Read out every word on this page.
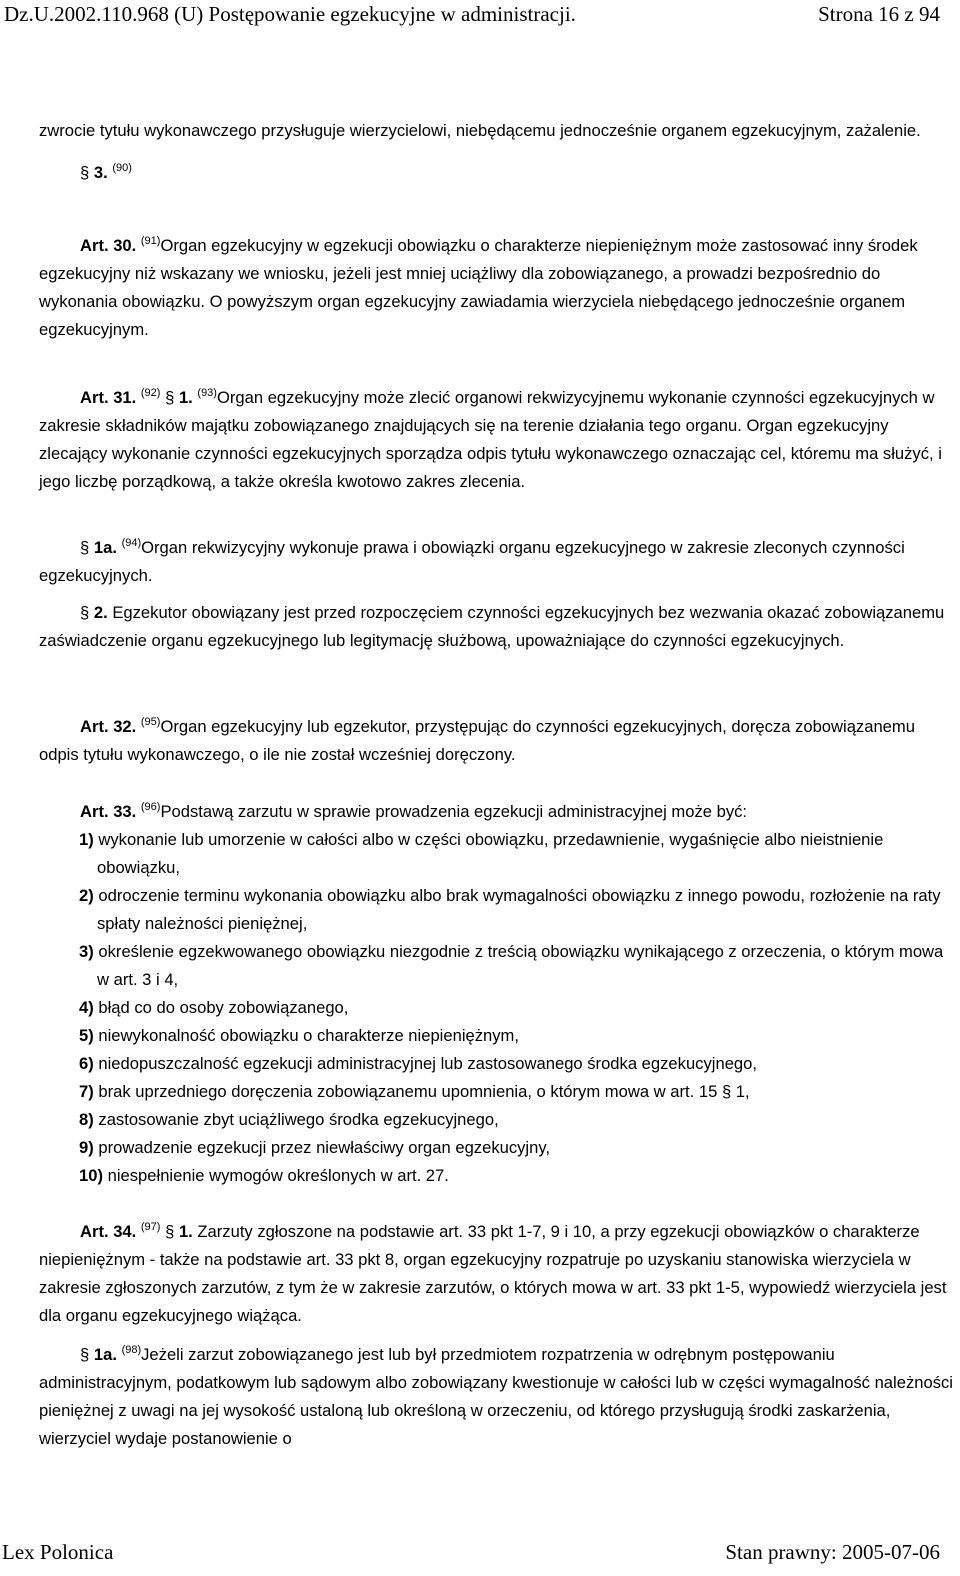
Dz.U.2002.110.968 (U) Postępowanie egzekucyjne w administracji.	Strona 16 z 94

zwrocie tytułu wykonawczego przysługuje wierzycielowi, niebędącemu jednocześnie organem egzekucyjnym, zażalenie.

§ 3. $^{(90)}$

Art. 30. $^{(91)}$Organ egzekucyjny w egzekucji obowiązku o charakterze niepieniężnym może zastosować inny środek egzekucyjny niż wskazany we wniosku, jeżeli jest mniej uciążliwy dla zobowiązanego, a prowadzi bezpośrednio do wykonania obowiązku. O powyższym organ egzekucyjny zawiadamia wierzyciela niebędącego jednocześnie organem egzekucyjnym.

Art. 31. $^{(92)}$ § 1. $^{(93)}$Organ egzekucyjny może zlecić organowi rekwizycyjnemu wykonanie czynności egzekucyjnych w zakresie składników majątku zobowiązanego znajdujących się na terenie działania tego organu. Organ egzekucyjny zlecający wykonanie czynności egzekucyjnych sporządza odpis tytułu wykonawczego oznaczając cel, któremu ma służyć, i jego liczbę porządkową, a także określa kwotowo zakres zlecenia.

§ 1a. $^{(94)}$Organ rekwizycyjny wykonuje prawa i obowiązki organu egzekucyjnego w zakresie zleconych czynności egzekucyjnych.

§ 2. Egzekutor obowiązany jest przed rozpoczęciem czynności egzekucyjnych bez wezwania okazać zobowiązanemu zaświadczenie organu egzekucyjnego lub legitymację służbową, upoważniające do czynności egzekucyjnych.

Art. 32. $^{(95)}$Organ egzekucyjny lub egzekutor, przystępując do czynności egzekucyjnych, doręcza zobowiązanemu odpis tytułu wykonawczego, o ile nie został wcześniej doręczony.

Art. 33. $^{(96)}$Podstawą zarzutu w sprawie prowadzenia egzekucji administracyjnej może być:

1) wykonanie lub umorzenie w całości albo w części obowiązku, przedawnienie, wygaśnięcie albo nieistnienie obowiązku,

2) odroczenie terminu wykonania obowiązku albo brak wymagalności obowiązku z innego powodu, rozłożenie na raty spłaty należności pieniężnej,

3) określenie egzekwowanego obowiązku niezgodnie z treścią obowiązku wynikającego z orzeczenia, o którym mowa w art. 3 i 4,

4) błąd co do osoby zobowiązanego,

5) niewykonalność obowiązku o charakterze niepieniężnym,

6) niedopuszczalność egzekucji administracyjnej lub zastosowanego środka egzekucyjnego,

7) brak uprzedniego doręczenia zobowiązanemu upomnienia, o którym mowa w art. 15 § 1,

8) zastosowanie zbyt uciążliwego środka egzekucyjnego,

9) prowadzenie egzekucji przez niewłaściwy organ egzekucyjny,

10) niespełnienie wymogów określonych w art. 27.

Art. 34. $^{(97)}$ § 1. Zarzuty zgłoszone na podstawie art. 33 pkt 1-7, 9 i 10, a przy egzekucji obowiązków o charakterze niepieniężnym - także na podstawie art. 33 pkt 8, organ egzekucyjny rozpatruje po uzyskaniu stanowiska wierzyciela w zakresie zgłoszonych zarzutów, z tym że w zakresie zarzutów, o których mowa w art. 33 pkt 1-5, wypowiedź wierzyciela jest dla organu egzekucyjnego wiążąca.

§ 1a. $^{(98)}$Jeżeli zarzut zobowiązanego jest lub był przedmiotem rozpatrzenia w odrębnym postępowaniu administracyjnym, podatkowym lub sądowym albo zobowiązany kwestionuje w całości lub w części wymagalność należności pieniężnej z uwagi na jej wysokość ustaloną lub określoną w orzeczeniu, od którego przysługują środki zaskarżenia, wierzyciel wydaje postanowienie o

Lex Polonica	Stan prawny: 2005-07-06
